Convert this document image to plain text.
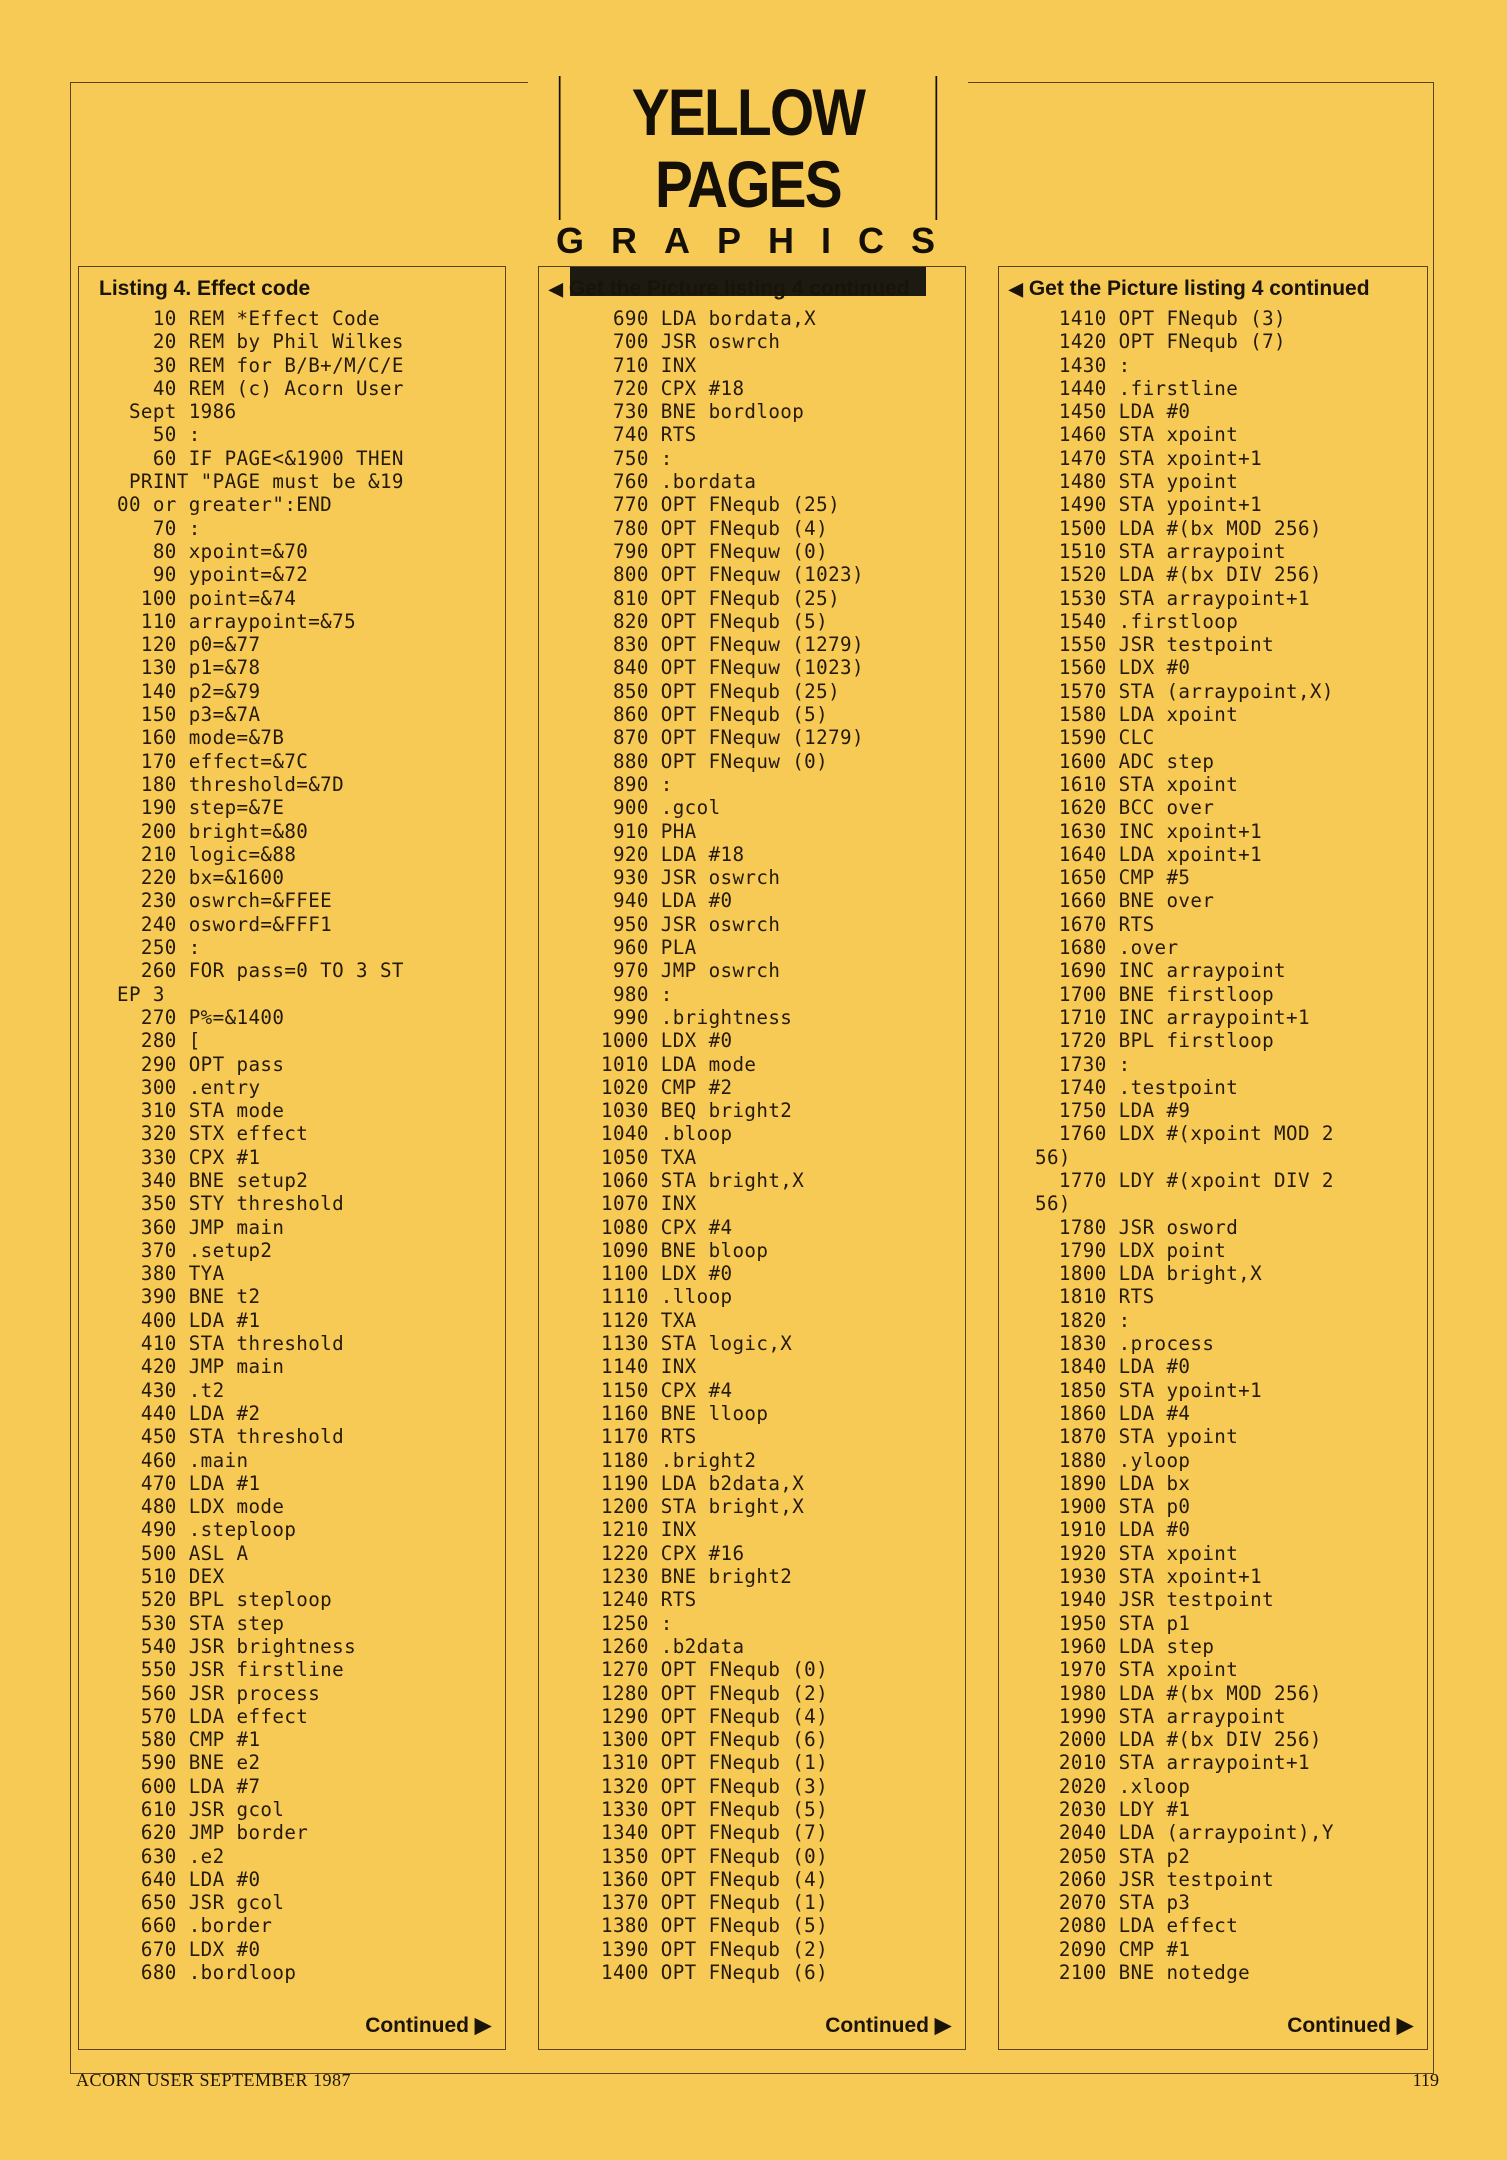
YELLOW PAGES
GRAPHICS
Listing 4. Effect code
10 REM *Effect Code
20 REM by Phil Wilkes
30 REM for B/B+/M/C/E
40 REM (c) Acorn User
Sept 1986
50 :
60 IF PAGE<&1900 THEN
PRINT "PAGE must be &19
00 or greater":END
70 :
80 xpoint=&70
90 ypoint=&72
100 point=&74
110 arraypoint=&75
120 p0=&77
130 p1=&78
140 p2=&79
150 p3=&7A
160 mode=&7B
170 effect=&7C
180 threshold=&7D
190 step=&7E
200 bright=&80
210 logic=&88
220 bx=&1600
230 oswrch=&FFEE
240 osword=&FFF1
250 :
260 FOR pass=0 TO 3 ST
EP 3
270 P%=&1400
280 [
290 OPT pass
300 .entry
310 STA mode
320 STX effect
330 CPX #1
340 BNE setup2
350 STY threshold
360 JMP main
370 .setup2
380 TYA
390 BNE t2
400 LDA #1
410 STA threshold
420 JMP main
430 .t2
440 LDA #2
450 STA threshold
460 .main
470 LDA #1
480 LDX mode
490 .steploop
500 ASL A
510 DEX
520 BPL steploop
530 STA step
540 JSR brightness
550 JSR firstline
560 JSR process
570 LDA effect
580 CMP #1
590 BNE e2
600 LDA #7
610 JSR gcol
620 JMP border
630 .e2
640 LDA #0
650 JSR gcol
660 .border
670 LDX #0
680 .bordloop
Continued ▶
◀ Get the Picture listing 4 continued
690 LDA bordata,X
700 JSR oswrch
710 INX
720 CPX #18
730 BNE bordloop
740 RTS
750 :
760 .bordata
770 OPT FNequb (25)
780 OPT FNequb (4)
790 OPT FNequw (0)
800 OPT FNequw (1023)
810 OPT FNequb (25)
820 OPT FNequb (5)
830 OPT FNequw (1279)
840 OPT FNequw (1023)
850 OPT FNequb (25)
860 OPT FNequb (5)
870 OPT FNequw (1279)
880 OPT FNequw (0)
890 :
900 .gcol
910 PHA
920 LDA #18
930 JSR oswrch
940 LDA #0
950 JSR oswrch
960 PLA
970 JMP oswrch
980 :
990 .brightness
1000 LDX #0
1010 LDA mode
1020 CMP #2
1030 BEQ bright2
1040 .bloop
1050 TXA
1060 STA bright,X
1070 INX
1080 CPX #4
1090 BNE bloop
1100 LDX #0
1110 .lloop
1120 TXA
1130 STA logic,X
1140 INX
1150 CPX #4
1160 BNE lloop
1170 RTS
1180 .bright2
1190 LDA b2data,X
1200 STA bright,X
1210 INX
1220 CPX #16
1230 BNE bright2
1240 RTS
1250 :
1260 .b2data
1270 OPT FNequb (0)
1280 OPT FNequb (2)
1290 OPT FNequb (4)
1300 OPT FNequb (6)
1310 OPT FNequb (1)
1320 OPT FNequb (3)
1330 OPT FNequb (5)
1340 OPT FNequb (7)
1350 OPT FNequb (0)
1360 OPT FNequb (4)
1370 OPT FNequb (1)
1380 OPT FNequb (5)
1390 OPT FNequb (2)
1400 OPT FNequb (6)
Continued ▶
◀ Get the Picture listing 4 continued
1410 OPT FNequb (3)
1420 OPT FNequb (7)
1430 :
1440 .firstline
1450 LDA #0
1460 STA xpoint
1470 STA xpoint+1
1480 STA ypoint
1490 STA ypoint+1
1500 LDA #(bx MOD 256)
1510 STA arraypoint
1520 LDA #(bx DIV 256)
1530 STA arraypoint+1
1540 .firstloop
1550 JSR testpoint
1560 LDX #0
1570 STA (arraypoint,X)
1580 LDA xpoint
1590 CLC
1600 ADC step
1610 STA xpoint
1620 BCC over
1630 INC xpoint+1
1640 LDA xpoint+1
1650 CMP #5
1660 BNE over
1670 RTS
1680 .over
1690 INC arraypoint
1700 BNE firstloop
1710 INC arraypoint+1
1720 BPL firstloop
1730 :
1740 .testpoint
1750 LDA #9
1760 LDX #(xpoint MOD 2
56)
1770 LDY #(xpoint DIV 2
56)
1780 JSR osword
1790 LDX point
1800 LDA bright,X
1810 RTS
1820 :
1830 .process
1840 LDA #0
1850 STA ypoint+1
1860 LDA #4
1870 STA ypoint
1880 .yloop
1890 LDA bx
1900 STA p0
1910 LDA #0
1920 STA xpoint
1930 STA xpoint+1
1940 JSR testpoint
1950 STA p1
1960 LDA step
1970 STA xpoint
1980 LDA #(bx MOD 256)
1990 STA arraypoint
2000 LDA #(bx DIV 256)
2010 STA arraypoint+1
2020 .xloop
2030 LDY #1
2040 LDA (arraypoint),Y
2050 STA p2
2060 JSR testpoint
2070 STA p3
2080 LDA effect
2090 CMP #1
2100 BNE notedge
Continued ▶
ACORN USER SEPTEMBER 1987	119
